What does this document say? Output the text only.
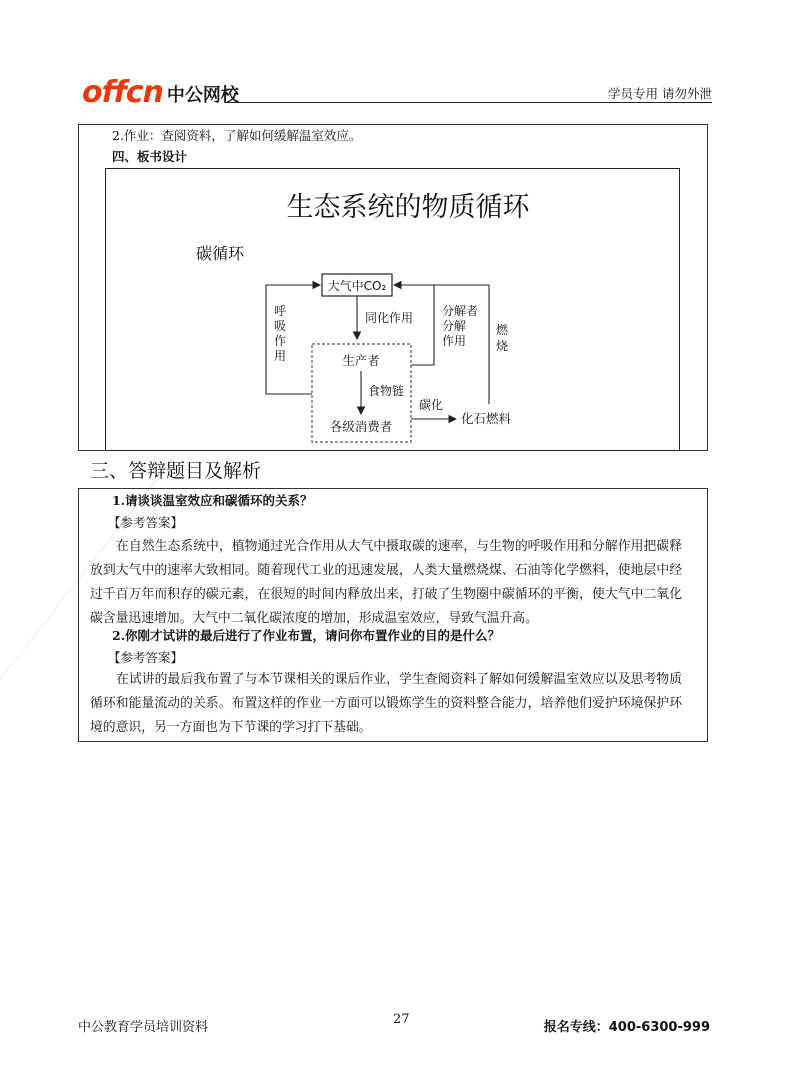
offcn 中公网校	学员专用 请勿外泄
2.作业：查阅资料，了解如何缓解温室效应。
四、板书设计
生态系统的物质循环
碳循环
大气中CO₂
生产者
各级消费者
同化作用
食物链
呼
吸
作
用
分解者
分解
作用
燃
烧
碳化
化石燃料
三、答辩题目及解析
1.请谈谈温室效应和碳循环的关系？
【参考答案】
在自然生态系统中，植物通过光合作用从大气中摄取碳的速率，与生物的呼吸作用和分解作用把碳释放到大气中的速率大致相同。随着现代工业的迅速发展，人类大量燃烧煤、石油等化学燃料，使地层中经过千百万年而积存的碳元素，在很短的时间内释放出来，打破了生物圈中碳循环的平衡，使大气中二氧化碳含量迅速增加。大气中二氧化碳浓度的增加，形成温室效应，导致气温升高。
2.你刚才试讲的最后进行了作业布置，请问你布置作业的目的是什么？
【参考答案】
在试讲的最后我布置了与本节课相关的课后作业，学生查阅资料了解如何缓解温室效应以及思考物质循环和能量流动的关系。布置这样的作业一方面可以锻炼学生的资料整合能力，培养他们爱护环境保护环境的意识，另一方面也为下节课的学习打下基础。
中公教育学员培训资料
27
报名专线：400-6300-999
